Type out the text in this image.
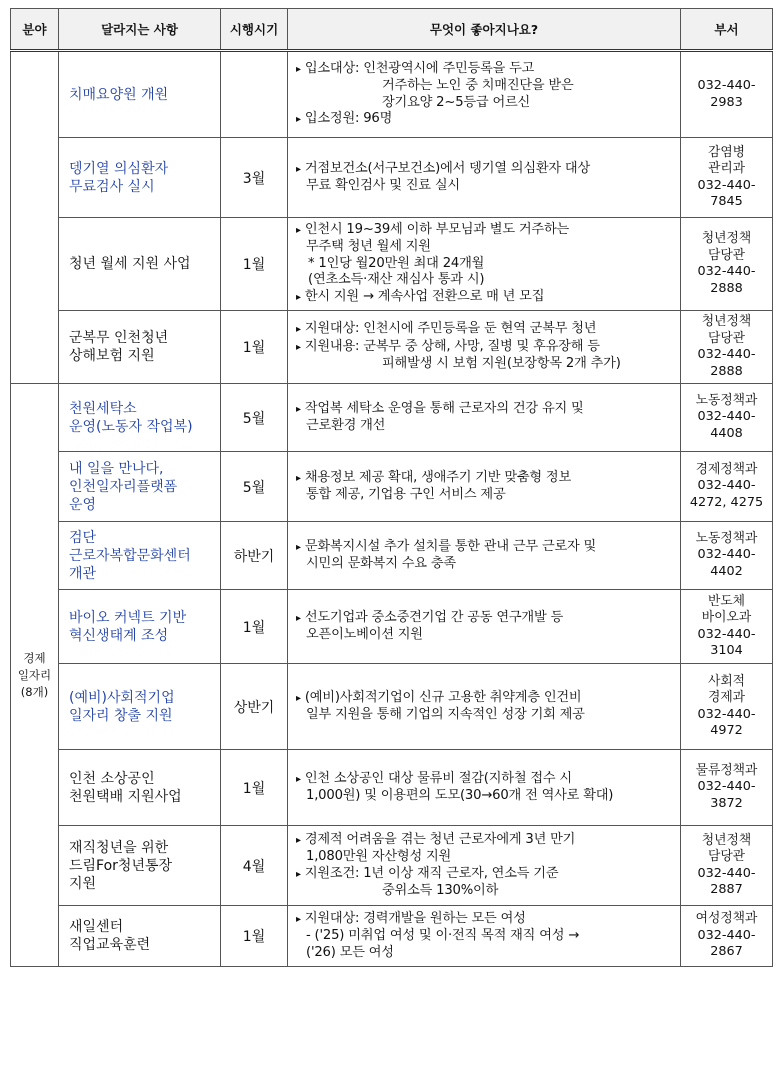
분야	달라지는 사항	시행시기	무엇이 좋아지나요?	부서

	치매요양원 개원		▸ 입소대상: 인천광역시에 주민등록을 두고
거주하는 노인 중 치매진단을 받은
장기요양 2~5등급 어르신
▸ 입소정원: 96명	032-440-
2983

	뎅기열 의심환자
무료검사 실시	3월	▸ 거점보건소(서구보건소)에서 뎅기열 의심환자 대상
무료 확인검사 및 진료 실시	감염병
관리과
032-440-
7845

	청년 월세 지원 사업	1월	▸ 인천시 19~39세 이하 부모님과 별도 거주하는
무주택 청년 월세 지원
* 1인당 월20만원 최대 24개월
(연초소득·재산 재심사 통과 시)
▸ 한시 지원 → 계속사업 전환으로 매 년 모집	청년정책
담당관
032-440-
2888

	군복무 인천청년
상해보험 지원	1월	▸ 지원대상: 인천시에 주민등록을 둔 현역 군복무 청년
▸ 지원내용: 군복무 중 상해, 사망, 질병 및 후유장해 등
피해발생 시 보험 지원(보장항목 2개 추가)	청년정책
담당관
032-440-
2888

경제
일자리
(8개)	천원세탁소
운영(노동자 작업복)	5월	▸ 작업복 세탁소 운영을 통해 근로자의 건강 유지 및
근로환경 개선	노동정책과
032-440-
4408

	내 일을 만나다,
인천일자리플랫폼
운영	5월	▸ 채용정보 제공 확대, 생애주기 기반 맞춤형 정보
통합 제공, 기업용 구인 서비스 제공	경제정책과
032-440-
4272, 4275

	검단
근로자복합문화센터
개관	하반기	▸ 문화복지시설 추가 설치를 통한 관내 근무 근로자 및
시민의 문화복지 수요 충족	노동정책과
032-440-
4402

	바이오 커넥트 기반
혁신생태계 조성	1월	▸ 선도기업과 중소중견기업 간 공동 연구개발 등
오픈이노베이션 지원	반도체
바이오과
032-440-
3104

	(예비)사회적기업
일자리 창출 지원	상반기	▸ (예비)사회적기업이 신규 고용한 취약계층 인건비
일부 지원을 통해 기업의 지속적인 성장 기회 제공	사회적
경제과
032-440-
4972

	인천 소상공인
천원택배 지원사업	1월	▸ 인천 소상공인 대상 물류비 절감(지하철 접수 시
1,000원) 및 이용편의 도모(30→60개 전 역사로 확대)	물류정책과
032-440-
3872

	재직청년을 위한
드림For청년통장
지원	4월	▸ 경제적 어려움을 겪는 청년 근로자에게 3년 만기
1,080만원 자산형성 지원
▸ 지원조건: 1년 이상 재직 근로자, 연소득 기준
중위소득 130%이하	청년정책
담당관
032-440-
2887

	새일센터
직업교육훈련	1월	▸ 지원대상: 경력개발을 원하는 모든 여성
- ('25) 미취업 여성 및 이·전직 목적 재직 여성 →
('26) 모든 여성	여성정책과
032-440-
2867
